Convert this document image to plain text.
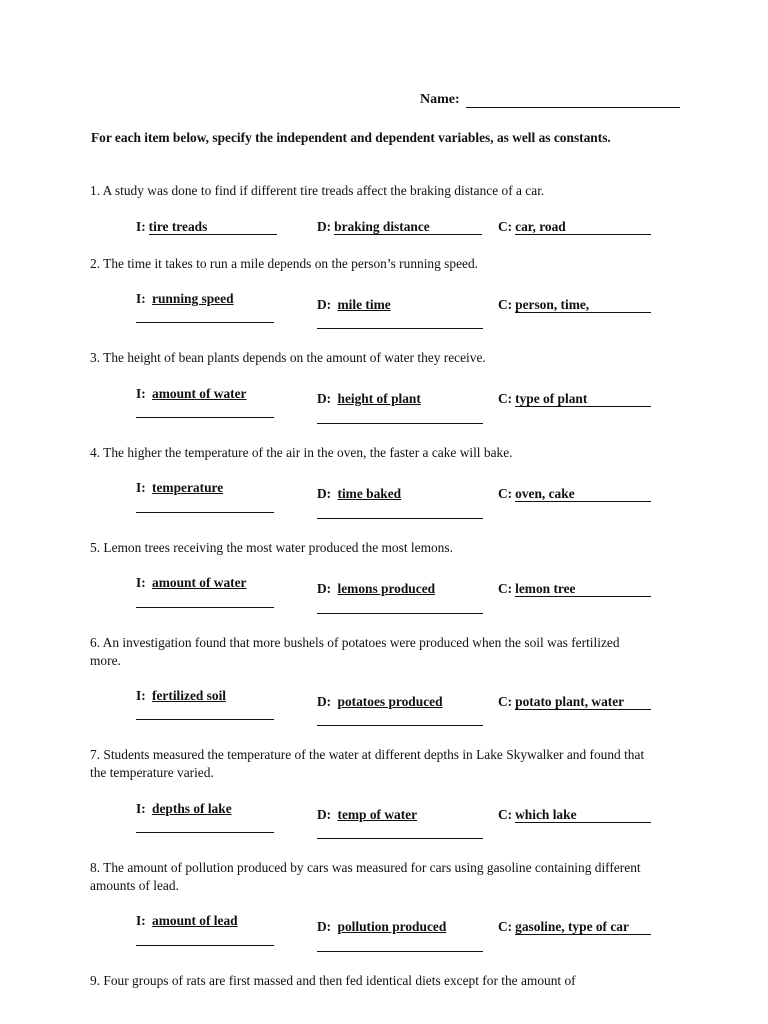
Name:
For each item below, specify the independent and dependent variables, as well as constants.
1. A study was done to find if different tire treads affect the braking distance of a car.
I: tire treads	D: braking distance	C: car, road
2. The time it takes to run a mile depends on the person’s running speed.
I: running speed	D: mile time	C: person, time,
3. The height of bean plants depends on the amount of water they receive.
I: amount of water	D: height of plant	C: type of plant
4. The higher the temperature of the air in the oven, the faster a cake will bake.
I: temperature	D: time baked	C: oven, cake
5. Lemon trees receiving the most water produced the most lemons.
I: amount of water	D: lemons produced	C: lemon tree
6. An investigation found that more bushels of potatoes were produced when the soil was fertilized more.
I: fertilized soil	D: potatoes produced	C: potato plant, water
7. Students measured the temperature of the water at different depths in Lake Skywalker and found that the temperature varied.
I: depths of lake	D: temp of water	C: which lake
8. The amount of pollution produced by cars was measured for cars using gasoline containing different amounts of lead.
I: amount of lead	D: pollution produced	C: gasoline, type of car
9. Four groups of rats are first massed and then fed identical diets except for the amount of
